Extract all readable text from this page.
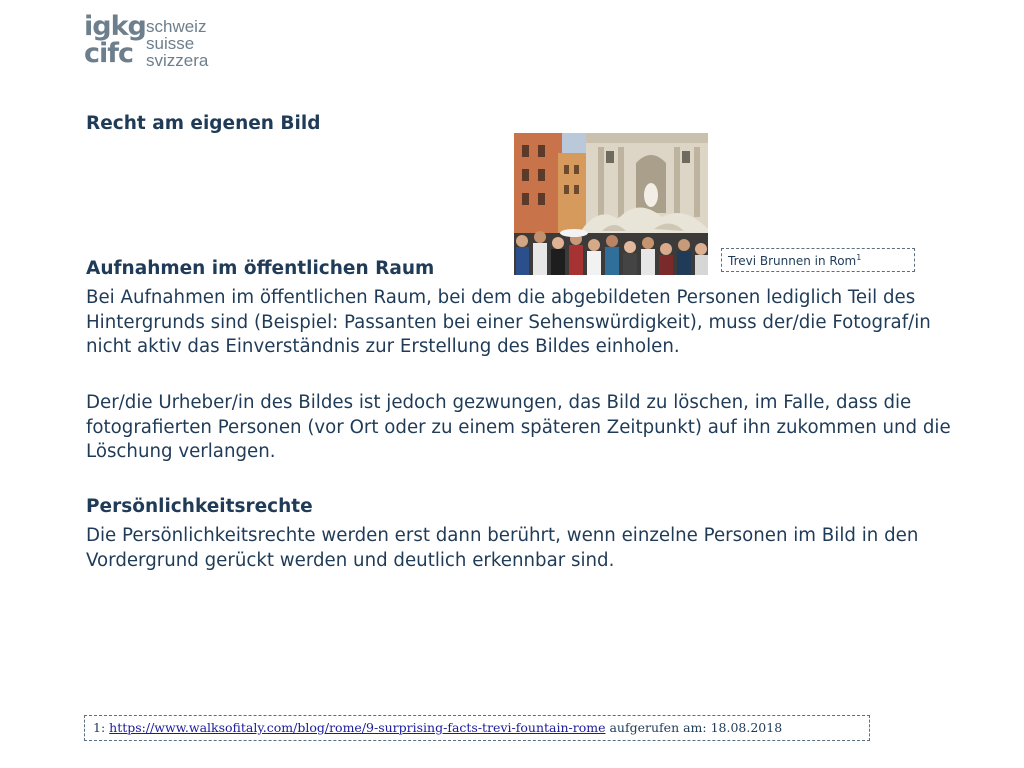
igkg
cifc
schweiz
suisse
svizzera
Recht am eigenen Bild
Trevi Brunnen in Rom$^1$
Aufnahmen im öffentlichen Raum

Bei Aufnahmen im öffentlichen Raum, bei dem die abgebildeten Personen lediglich Teil des Hintergrunds sind (Beispiel: Passanten bei einer Sehenswürdigkeit), muss der/die Fotograf/in nicht aktiv das Einverständnis zur Erstellung des Bildes einholen.

Der/die Urheber/in des Bildes ist jedoch gezwungen, das Bild zu löschen, im Falle, dass die fotografierten Personen (vor Ort oder zu einem späteren Zeitpunkt) auf ihn zukommen und die Löschung verlangen.

Persönlichkeitsrechte

Die Persönlichkeitsrechte werden erst dann berührt, wenn einzelne Personen im Bild in den Vordergrund gerückt werden und deutlich erkennbar sind.

1: https://www.walksofitaly.com/blog/rome/9-surprising-facts-trevi-fountain-rome aufgerufen am: 18.08.2018
